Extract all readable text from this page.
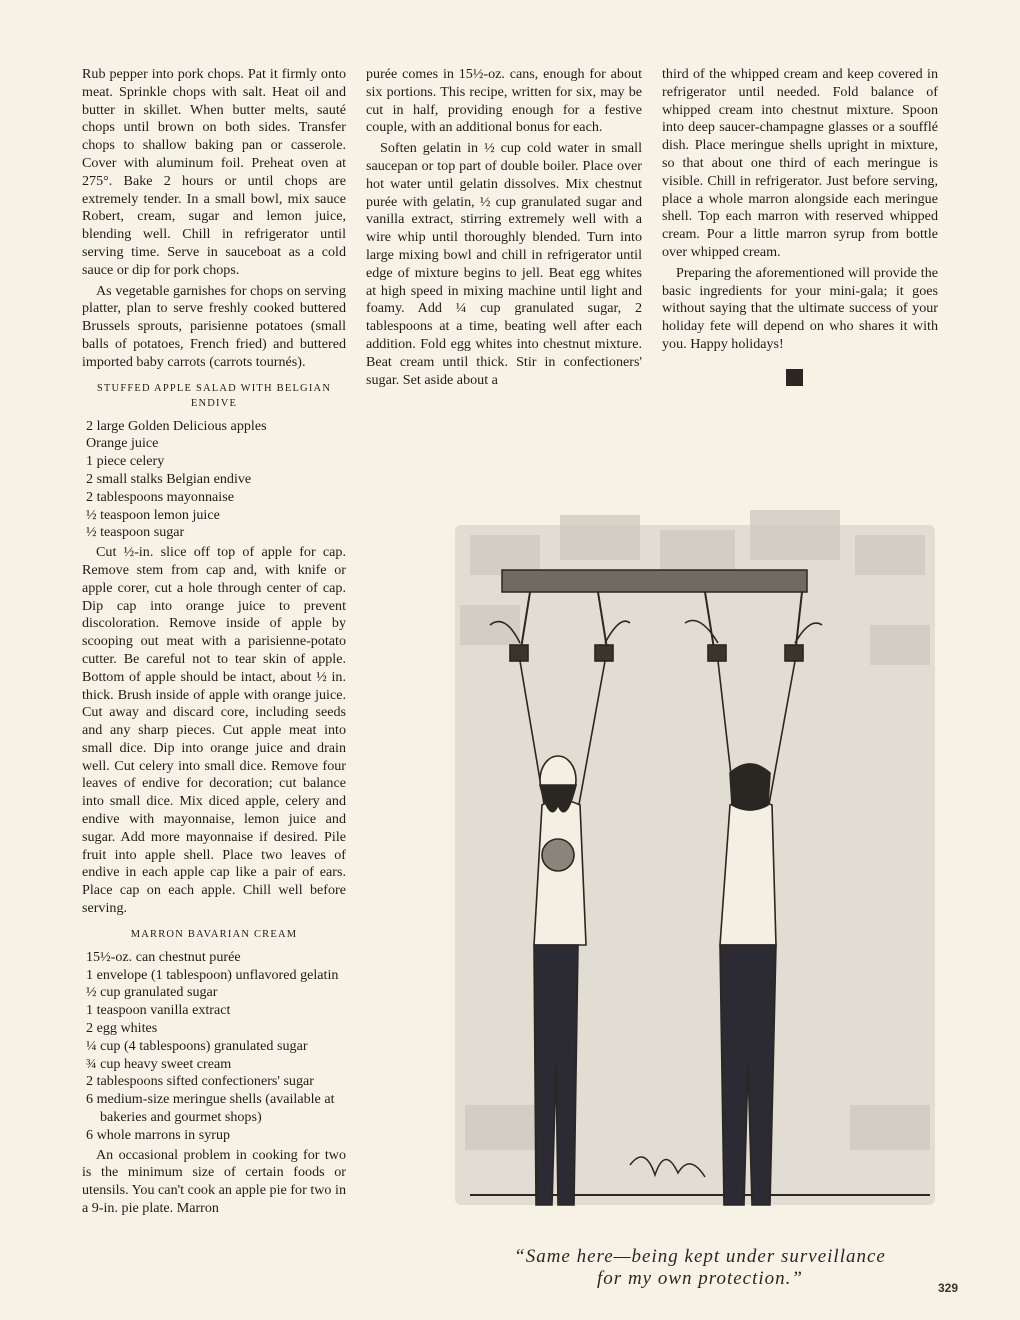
Rub pepper into pork chops. Pat it firmly onto meat. Sprinkle chops with salt. Heat oil and butter in skillet. When butter melts, sauté chops until brown on both sides. Transfer chops to shallow baking pan or casserole. Cover with aluminum foil. Preheat oven at 275°. Bake 2 hours or until chops are extremely tender. In a small bowl, mix sauce Robert, cream, sugar and lemon juice, blending well. Chill in refrigerator until serving time. Serve in sauceboat as a cold sauce or dip for pork chops.

As vegetable garnishes for chops on serving platter, plan to serve freshly cooked buttered Brussels sprouts, parisienne potatoes (small balls of potatoes, French fried) and buttered imported baby carrots (carrots tournés).

STUFFED APPLE SALAD WITH BELGIAN ENDIVE
2 large Golden Delicious apples
Orange juice
1 piece celery
2 small stalks Belgian endive
2 tablespoons mayonnaise
½ teaspoon lemon juice
½ teaspoon sugar

Cut ½-in. slice off top of apple for cap. Remove stem from cap and, with knife or apple corer, cut a hole through center of cap. Dip cap into orange juice to prevent discoloration. Remove inside of apple by scooping out meat with a parisienne-potato cutter. Be careful not to tear skin of apple. Bottom of apple should be intact, about ½ in. thick. Brush inside of apple with orange juice. Cut away and discard core, including seeds and any sharp pieces. Cut apple meat into small dice. Dip into orange juice and drain well. Cut celery into small dice. Remove four leaves of endive for decoration; cut balance into small dice. Mix diced apple, celery and endive with mayonnaise, lemon juice and sugar. Add more mayonnaise if desired. Pile fruit into apple shell. Place two leaves of endive in each apple cap like a pair of ears. Place cap on each apple. Chill well before serving.

MARRON BAVARIAN CREAM
15½-oz. can chestnut purée
1 envelope (1 tablespoon) unflavored gelatin
½ cup granulated sugar
1 teaspoon vanilla extract
2 egg whites
¼ cup (4 tablespoons) granulated sugar
¾ cup heavy sweet cream
2 tablespoons sifted confectioners' sugar
6 medium-size meringue shells (available at bakeries and gourmet shops)
6 whole marrons in syrup

An occasional problem in cooking for two is the minimum size of certain foods or utensils. You can't cook an apple pie for two in a 9-in. pie plate. Marron

purée comes in 15½-oz. cans, enough for about six portions. This recipe, written for six, may be cut in half, providing enough for a festive couple, with an additional bonus for each.

Soften gelatin in ½ cup cold water in small saucepan or top part of double boiler. Place over hot water until gelatin dissolves. Mix chestnut purée with gelatin, ½ cup granulated sugar and vanilla extract, stirring extremely well with a wire whip until thoroughly blended. Turn into large mixing bowl and chill in refrigerator until edge of mixture begins to jell. Beat egg whites at high speed in mixing machine until light and foamy. Add ¼ cup granulated sugar, 2 tablespoons at a time, beating well after each addition. Fold egg whites into chestnut mixture. Beat cream until thick. Stir in confectioners' sugar. Set aside about a

third of the whipped cream and keep covered in refrigerator until needed. Fold balance of whipped cream into chestnut mixture. Spoon into deep saucer-champagne glasses or a soufflé dish. Place meringue shells upright in mixture, so that about one third of each meringue is visible. Chill in refrigerator. Just before serving, place a whole marron alongside each meringue shell. Top each marron with reserved whipped cream. Pour a little marron syrup from bottle over whipped cream.

Preparing the aforementioned will provide the basic ingredients for your mini-gala; it goes without saying that the ultimate success of your holiday fete will depend on who shares it with you. Happy holidays!

“Same here—being kept under surveillance
for my own protection.”	329
